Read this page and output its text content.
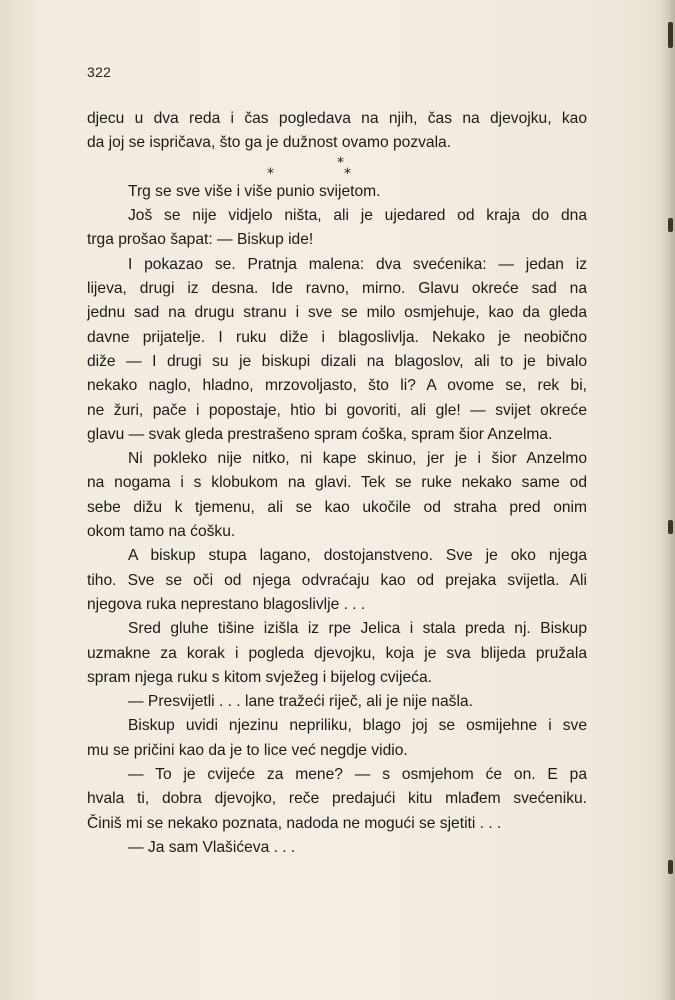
322
djecu u dva reda i čas pogledava na njih, čas na djevojku, kao
da joj se ispričava, što ga je dužnost ovamo pozvala.
*
*
*
Trg se sve više i više punio svijetom.
Još se nije vidjelo ništa, ali je ujedared od kraja do dna
trga prošao šapat: — Biskup ide!
I pokazao se. Pratnja malena: dva svećenika: — jedan iz
lijeva, drugi iz desna. Ide ravno, mirno. Glavu okreće sad na
jednu sad na drugu stranu i sve se milo osmjehuje, kao da gleda
davne prijatelje. I ruku diže i blagoslivlja. Nekako je neobično
diže — I drugi su je biskupi dizali na blagoslov, ali to je bivalo
nekako naglo, hladno, mrzovoljasto, što li? A ovome se, rek bi,
ne žuri, pače i popostaje, htio bi govoriti, ali gle! — svijet okreće
glavu — svak gleda prestrašeno spram ćoška, spram šior Anzelma.
Ni pokleko nije nitko, ni kape skinuo, jer je i šior Anzelmo
na nogama i s klobukom na glavi. Tek se ruke nekako same od
sebe dižu k tjemenu, ali se kao ukočile od straha pred onim
okom tamo na ćošku.
A biskup stupa lagano, dostojanstveno. Sve je oko njega
tiho. Sve se oči od njega odvraćaju kao od prejaka svijetla. Ali
njegova ruka neprestano blagoslivlje . . .
Sred gluhe tišine izišla iz rpe Jelica i stala preda nj. Biskup
uzmakne za korak i pogleda djevojku, koja je sva blijeda pružala
spram njega ruku s kitom svježeg i bijelog cvijeća.
— Presvijetli . . . lane tražeći riječ, ali je nije našla.
Biskup uvidi njezinu nepriliku, blago joj se osmijehne i sve
mu se pričini kao da je to lice već negdje vidio.
— To je cvijeće za mene? — s osmjehom će on. E pa
hvala ti, dobra djevojko, reče predajući kitu mlađem svećeniku.
Činiš mi se nekako poznata, nadoda ne mogući se sjetiti . . .
— Ja sam Vlašićeva . . .
